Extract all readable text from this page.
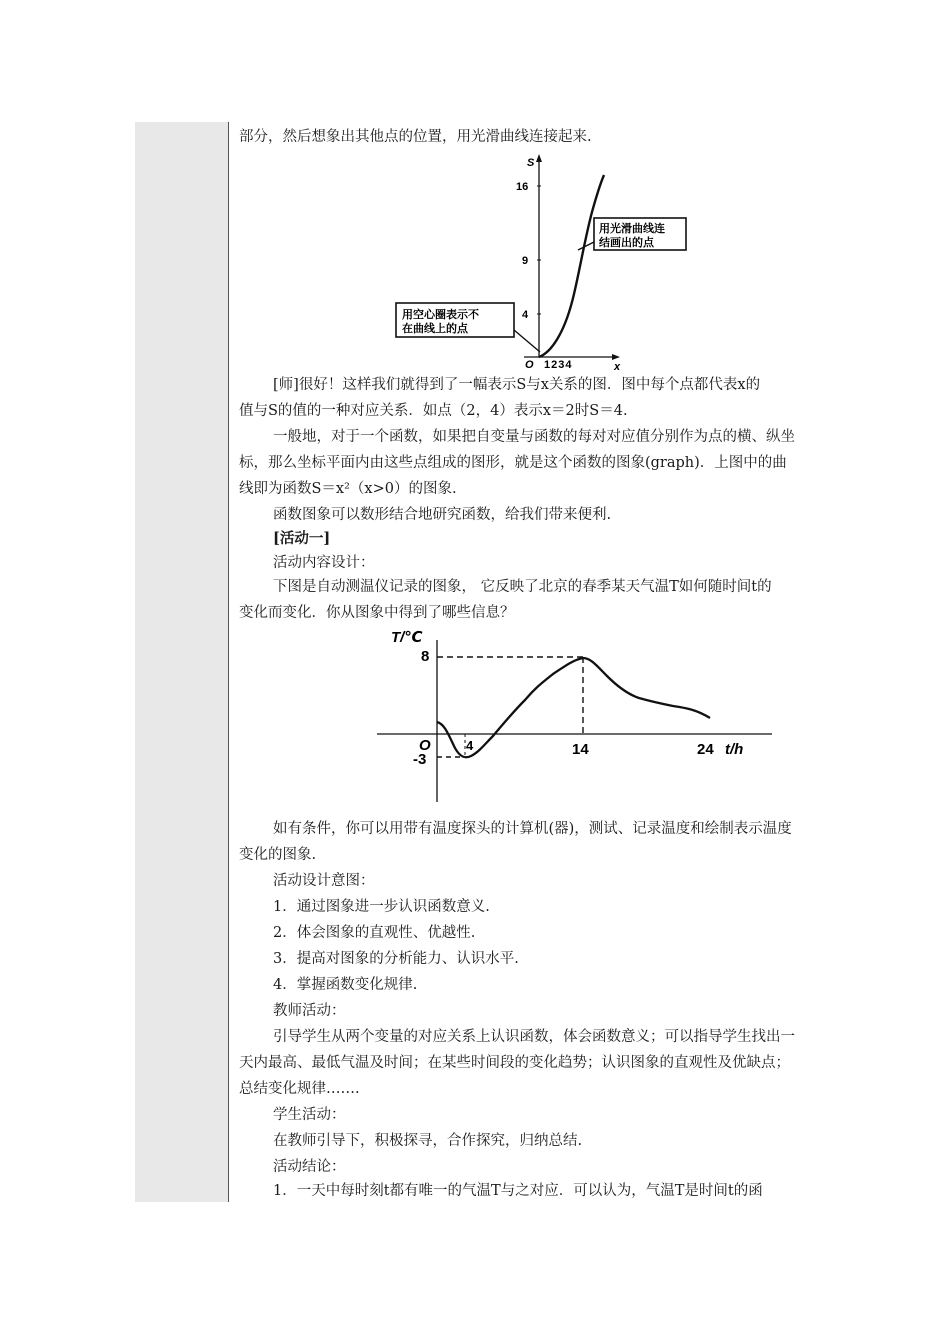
部分，然后想象出其他点的位置，用光滑曲线连接起来.
S
x
O
16
9
4
1234
用光滑曲线连
结画出的点
用空心圈表示不
在曲线上的点
[师]很好！这样我们就得到了一幅表示S与x关系的图．图中每个点都代表x的
值与S的值的一种对应关系．如点（2，4）表示x＝2时S＝4.
一般地，对于一个函数，如果把自变量与函数的每对对应值分别作为点的横、纵坐
标，那么坐标平面内由这些点组成的图形，就是这个函数的图象(graph)．上图中的曲
线即为函数S＝x²（x>0）的图象.
函数图象可以数形结合地研究函数，给我们带来便利.
[活动一]
活动内容设计：
下图是自动测温仪记录的图象， 它反映了北京的春季某天气温T如何随时间t的
变化而变化．你从图象中得到了哪些信息？
T/℃
t/h
24
O
8
-3
4	14
如有条件，你可以用带有温度探头的计算机(器)，测试、记录温度和绘制表示温度
变化的图象.
活动设计意图：
1．通过图象进一步认识函数意义.
2．体会图象的直观性、优越性.
3．提高对图象的分析能力、认识水平.
4．掌握函数变化规律.
教师活动：
引导学生从两个变量的对应关系上认识函数，体会函数意义；可以指导学生找出一
天内最高、最低气温及时间；在某些时间段的变化趋势；认识图象的直观性及优缺点；
总结变化规律…….
学生活动：
在教师引导下，积极探寻，合作探究，归纳总结.
活动结论：
1．一天中每时刻t都有唯一的气温T与之对应．可以认为，气温T是时间t的函
